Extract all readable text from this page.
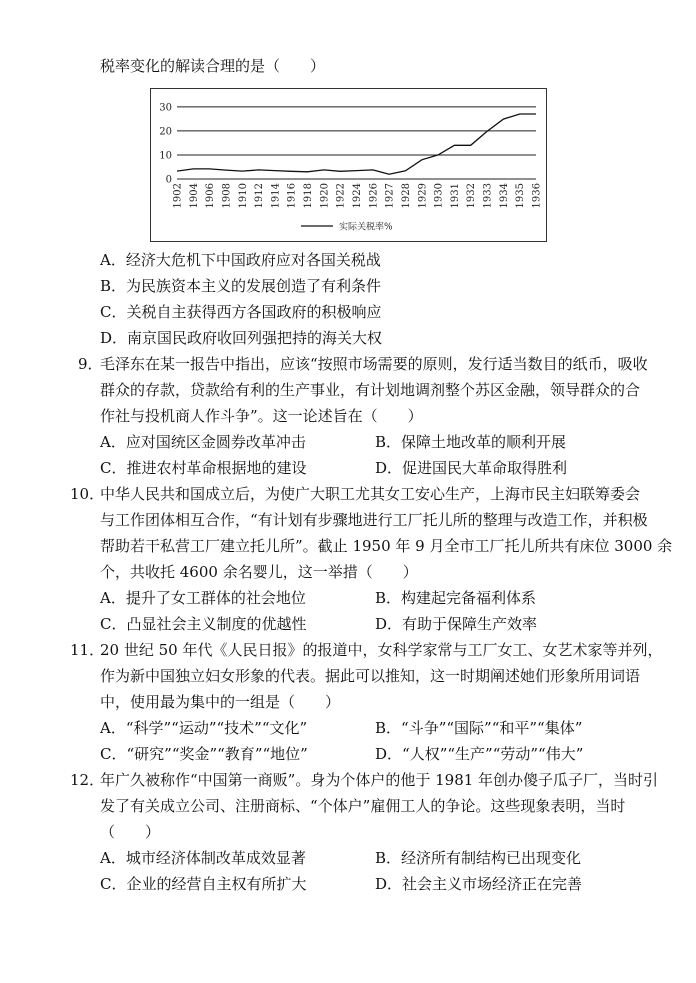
税率变化的解读合理的是（　　）
0
10
20
30
1902 1904 1906 1908 1910 1912 1914 1916 1918 1920 1922 1924 1926 1927 1928 1929 1930 1931 1932 1933 1934 1935 1936
实际关税率%
A．经济大危机下中国政府应对各国关税战
B．为民族资本主义的发展创造了有利条件
C．关税自主获得西方各国政府的积极响应
D．南京国民政府收回列强把持的海关大权
9．
毛泽东在某一报告中指出，应该“按照市场需要的原则，发行适当数目的纸币，吸收
群众的存款，贷款给有利的生产事业，有计划地调剂整个苏区金融，领导群众的合
作社与投机商人作斗争”。这一论述旨在（　　）
A．应对国统区金圆券改革冲击	B．保障土地改革的顺利开展
C．推进农村革命根据地的建设	D．促进国民大革命取得胜利
10．
中华人民共和国成立后，为使广大职工尤其女工安心生产，上海市民主妇联筹委会
与工作团体相互合作，“有计划有步骤地进行工厂托儿所的整理与改造工作，并积极
帮助若干私营工厂建立托儿所”。截止 1950 年 9 月全市工厂托儿所共有床位 3000 余
个，共收托 4600 余名婴儿，这一举措（　　）
A．提升了女工群体的社会地位	B．构建起完备福利体系
C．凸显社会主义制度的优越性	D．有助于保障生产效率
11．
20 世纪 50 年代《人民日报》的报道中，女科学家常与工厂女工、女艺术家等并列，
作为新中国独立妇女形象的代表。据此可以推知，这一时期阐述她们形象所用词语
中，使用最为集中的一组是（　　）
A．“科学”“运动”“技术”“文化”	B．“斗争”“国际”“和平”“集体”
C．“研究”“奖金”“教育”“地位”	D．“人权”“生产”“劳动”“伟大”
12．
年广久被称作“中国第一商贩”。身为个体户的他于 1981 年创办傻子瓜子厂，当时引
发了有关成立公司、注册商标、“个体户”雇佣工人的争论。这些现象表明，当时
（　　）
A．城市经济体制改革成效显著	B．经济所有制结构已出现变化
C．企业的经营自主权有所扩大	D．社会主义市场经济正在完善
